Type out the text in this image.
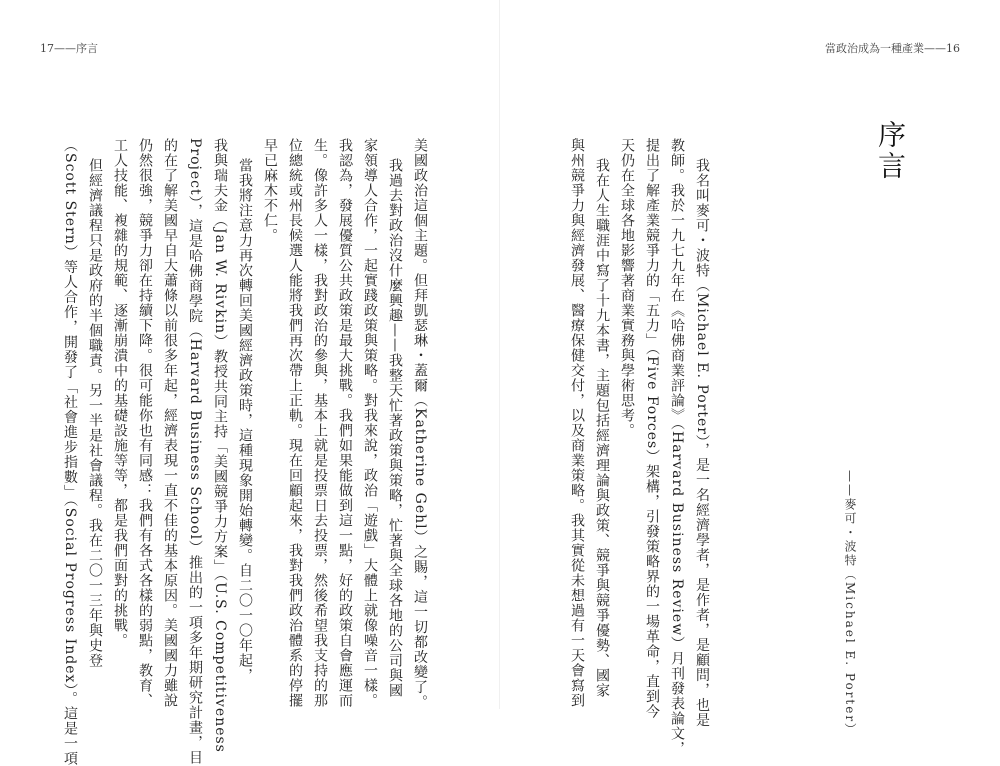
17——序言	當政治成為一種產業——16
序言
我名叫麥可・波特（Michael E. Porter），是一名經濟學者，是作者，是顧問，也是
教師。我於一九七九年在《哈佛商業評論》（Harvard Business Review）月刊發表論文，
提出了解產業競爭力的「五力」（Five Forces）架構，引發策略界的一場革命，直到今
天仍在全球各地影響著商業實務與學術思考。
我在人生職涯中寫了十九本書，主題包括經濟理論與政策、競爭與競爭優勢、國家
與州競爭力與經濟發展、醫療保健交付，以及商業策略。我其實從未想過有一天會寫到	——麥可・波特（Michael E. Porter）
美國政治這個主題。但拜凱瑟琳・蓋爾（Katherine Gehl）之賜，這一切都改變了。
我過去對政治沒什麼興趣——我整天忙著政策與策略，忙著與全球各地的公司與國
家領導人合作，一起實踐政策與策略。對我來說，政治「遊戲」大體上就像噪音一樣。
我認為，發展優質公共政策是最大挑戰。我們如果能做到這一點，好的政策自會應運而
生。像許多人一樣，我對政治的參與，基本上就是投票日去投票，然後希望我支持的那
位總統或州長候選人能將我們再次帶上正軌。現在回顧起來，我對我們政治體系的停擺
早已麻木不仁。
當我將注意力再次轉回美國經濟政策時，這種現象開始轉變。自二〇一〇年起，
我與瑞夫金（Jan W. Rivkin）教授共同主持「美國競爭力方案」（U.S. Competitiveness
Project），這是哈佛商學院（Harvard Business School）推出的一項多年期研究計畫，目
的在了解美國早自大蕭條以前很多年起，經濟表現一直不佳的基本原因。美國國力雖說
仍然很強，競爭力卻在持續下降。很可能你也有同感：我們有各式各樣的弱點，教育、
工人技能、複雜的規範、逐漸崩潰中的基礎設施等等，都是我們面對的挑戰。
但經濟議程只是政府的半個職責。另一半是社會議程。我在二〇一三年與史登
（Scott Stern）等人合作，開發了「社會進步指數」（Social Progress Index）。這是一項
